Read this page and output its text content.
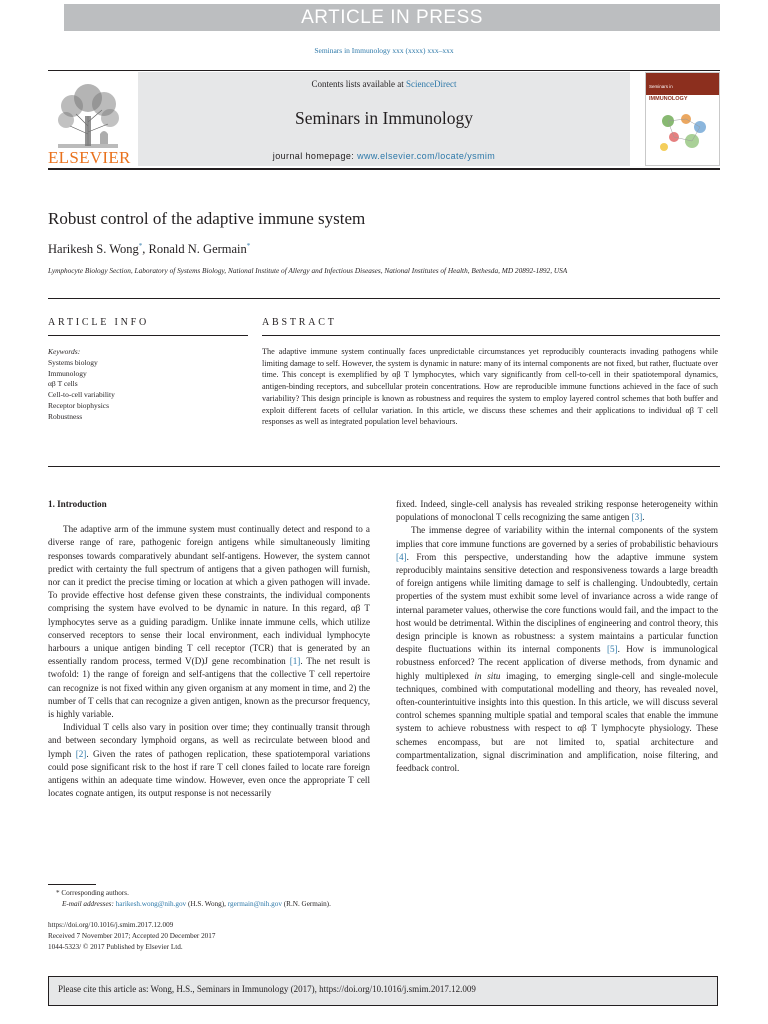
ARTICLE IN PRESS
Seminars in Immunology xxx (xxxx) xxx–xxx
ELSEVIER
Contents lists available at ScienceDirect
Seminars in Immunology
journal homepage: www.elsevier.com/locate/ysmim
Seminars in
IMMUNOLOGY
Robust control of the adaptive immune system
Harikesh S. Wong*, Ronald N. Germain*
Lymphocyte Biology Section, Laboratory of Systems Biology, National Institute of Allergy and Infectious Diseases, National Institutes of Health, Bethesda, MD 20892-1892, USA
ARTICLE INFO	ABSTRACT
Keywords:
Systems biology
Immunology
αβ T cells
Cell-to-cell variability
Receptor biophysics
Robustness
The adaptive immune system continually faces unpredictable circumstances yet reproducibly counteracts invading pathogens while limiting damage to self. However, the system is dynamic in nature: many of its internal components are not fixed, but rather, fluctuate over time. This concept is exemplified by αβ T lymphocytes, which vary significantly from cell-to-cell in their spatiotemporal dynamics, antigen-binding receptors, and subcellular protein concentrations. How are reproducible immune functions achieved in the face of such variability? This design principle is known as robustness and requires the system to employ layered control schemes that both buffer and exploit different facets of cellular variation. In this article, we discuss these schemes and their applications to individual αβ T cell responses as well as integrated population level behaviours.

1. Introduction

The adaptive arm of the immune system must continually detect and respond to a diverse range of rare, pathogenic foreign antigens while simultaneously limiting responses towards comparatively abundant self-antigens. However, the system cannot predict with certainty the full spectrum of antigens that a given pathogen will furnish, nor can it predict the precise timing or location at which a given pathogen will invade. To provide effective host defense given these constraints, the individual components comprising the system have evolved to be dynamic in nature. In this regard, αβ T lymphocytes serve as a guiding paradigm. Unlike innate immune cells, which utilize conserved receptors to sense their local environment, each individual lymphocyte harbours a unique antigen binding T cell receptor (TCR) that is generated by an essentially random process, termed V(D)J gene recombination [1]. The net result is twofold: 1) the range of foreign and self-antigens that the collective T cell repertoire can recognize is not fixed within any given organism at any moment in time, and 2) the number of T cells that can recognize a given antigen, known as the precursor frequency, is highly variable.

Individual T cells also vary in position over time; they continually transit through and between secondary lymphoid organs, as well as recirculate between blood and lymph [2]. Given the rates of pathogen replication, these spatiotemporal variations could pose significant risk to the host if rare T cell clones failed to locate rare foreign antigens within an adequate time window. However, even once the appropriate T cell locates cognate antigen, its output response is not necessarily

fixed. Indeed, single-cell analysis has revealed striking response heterogeneity within populations of monoclonal T cells recognizing the same antigen [3].

The immense degree of variability within the internal components of the system implies that core immune functions are governed by a series of probabilistic behaviours [4]. From this perspective, understanding how the adaptive immune system reproducibly maintains sensitive detection and responsiveness towards a large breadth of foreign antigens while limiting damage to self is challenging. Undoubtedly, certain properties of the system must exhibit some level of invariance across a wide range of internal parameter values, otherwise the core functions would fail, and the impact to the host would be detrimental. Within the disciplines of engineering and control theory, this design principle is known as robustness: a system maintains a particular function despite fluctuations within its internal components [5]. How is immunological robustness enforced? The recent application of diverse methods, from dynamic and highly multiplexed in situ imaging, to emerging single-cell and single-molecule techniques, combined with computational modelling and theory, has revealed novel, often-counterintuitive insights into this question. In this article, we will discuss several control schemes spanning multiple spatial and temporal scales that enable the immune system to achieve robustness with respect to αβ T lymphocyte physiology. These schemes encompass, but are not limited to, spatial architecture and compartmentalization, signal discrimination and amplification, noise filtering, and feedback control.

* Corresponding authors.
E-mail addresses: harikesh.wong@nih.gov (H.S. Wong), rgermain@nih.gov (R.N. Germain).
https://doi.org/10.1016/j.smim.2017.12.009
Received 7 November 2017; Accepted 20 December 2017
1044-5323/ © 2017 Published by Elsevier Ltd.
Please cite this article as: Wong, H.S., Seminars in Immunology (2017), https://doi.org/10.1016/j.smim.2017.12.009
